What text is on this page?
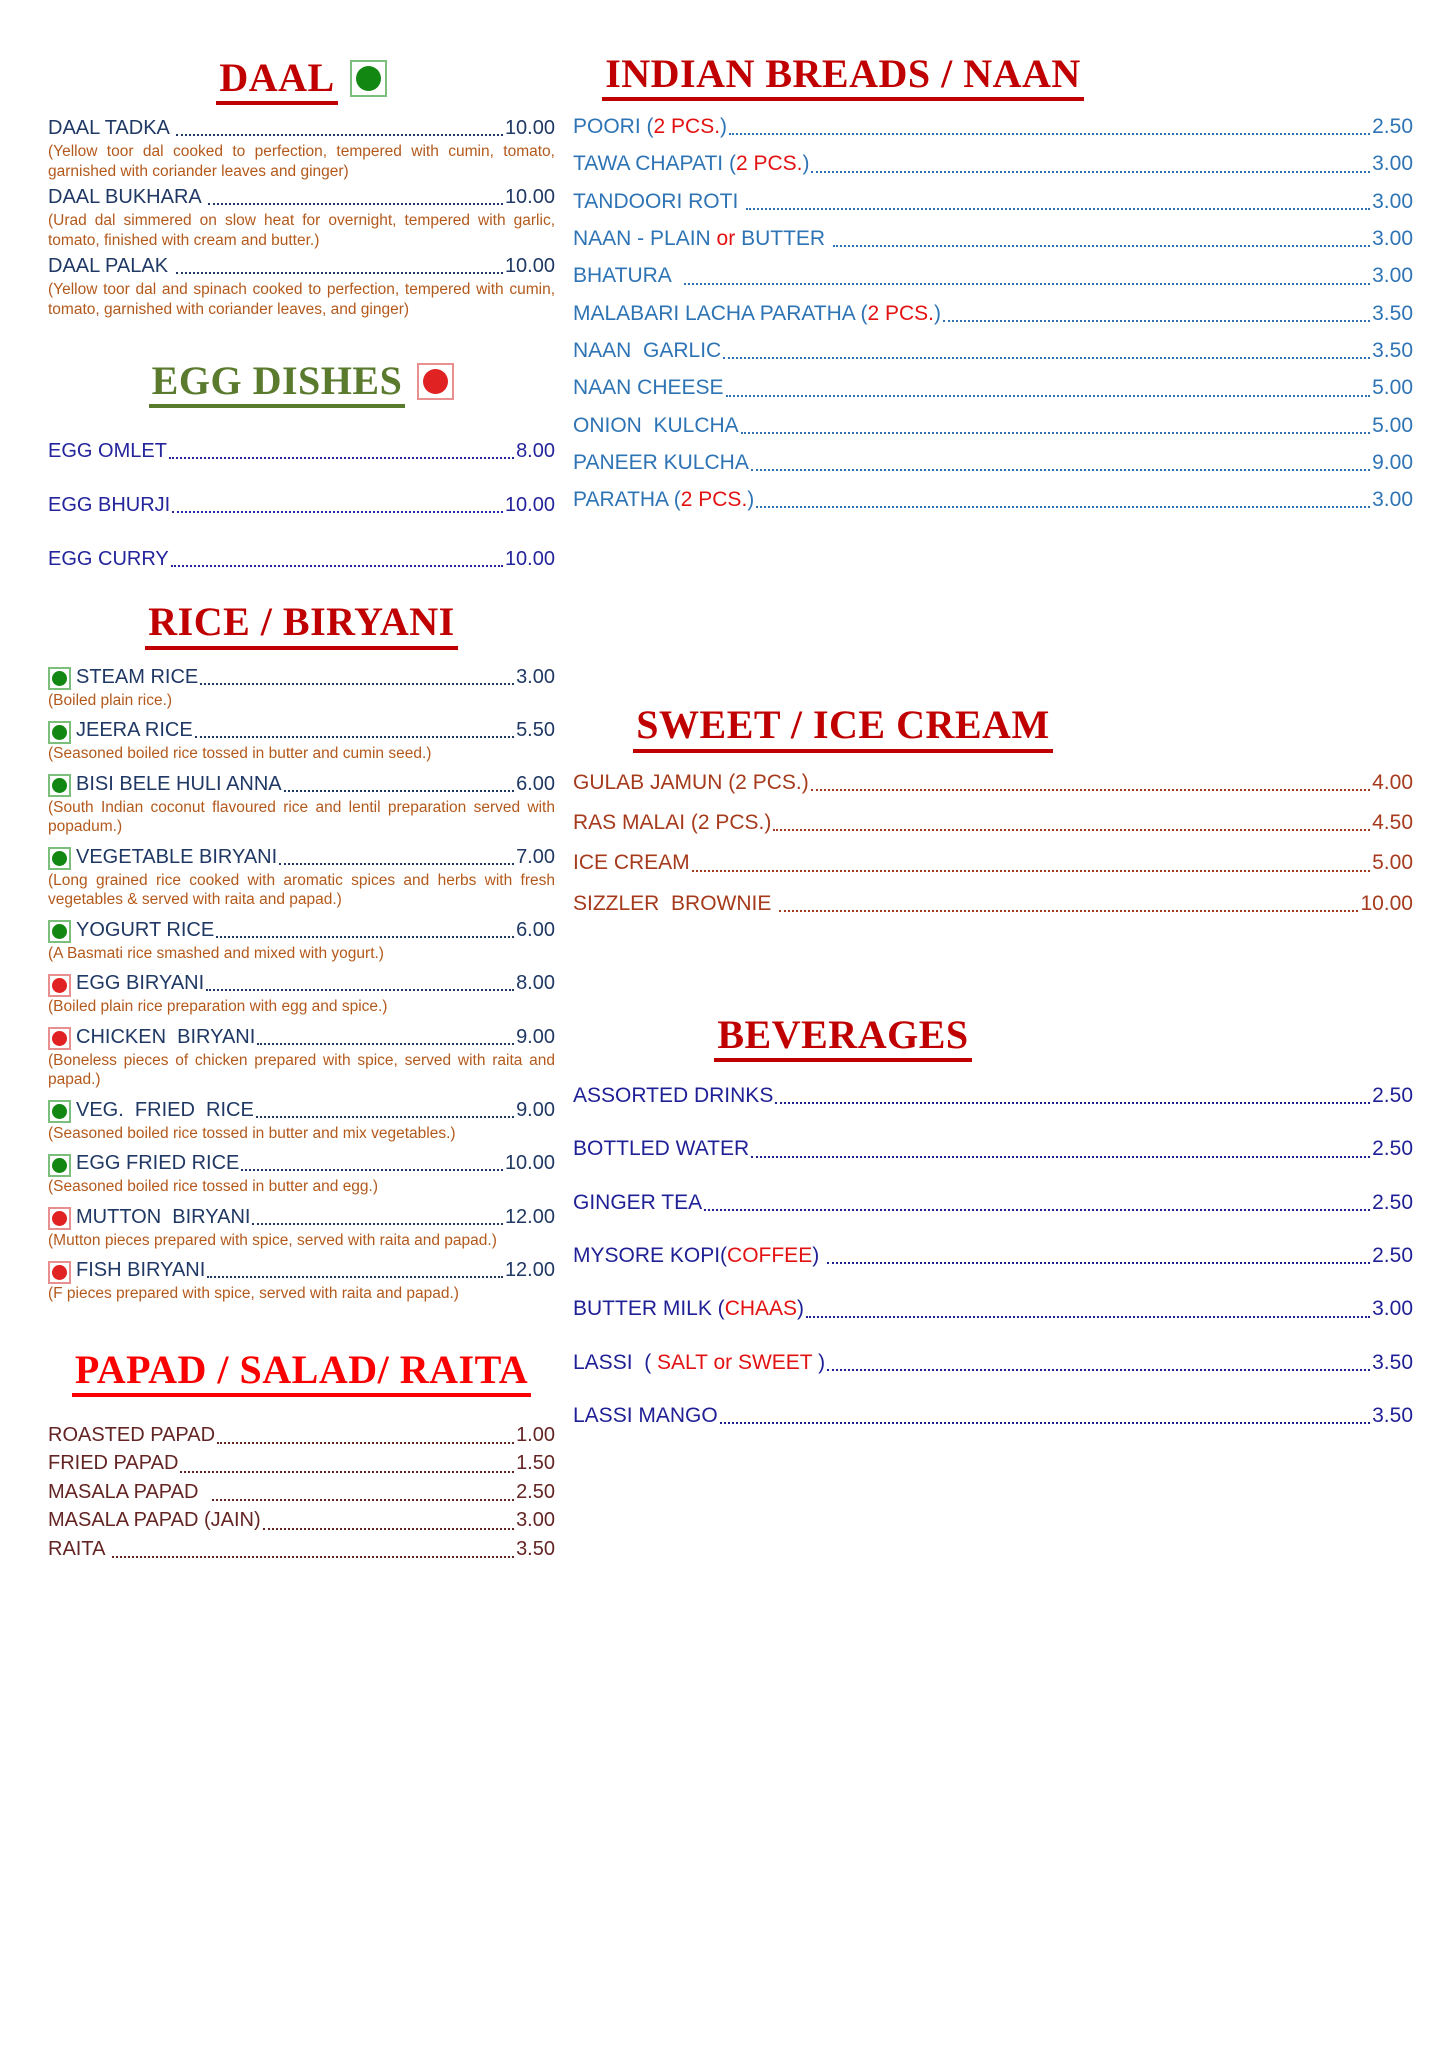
DAAL
DAAL TADKA	10.00
(Yellow toor dal cooked to perfection, tempered with cumin, tomato, garnished with coriander leaves and ginger)
DAAL BUKHARA	10.00
(Urad dal simmered on slow heat for overnight, tempered with garlic, tomato, finished with cream and butter.)
DAAL PALAK	10.00
(Yellow toor dal and spinach cooked to perfection, tempered with cumin, tomato, garnished with coriander leaves, and ginger)
EGG DISHES
EGG OMLET	8.00
EGG BHURJI	10.00
EGG CURRY	10.00
RICE / BIRYANI
STEAM RICE	3.00
(Boiled plain rice.)
JEERA RICE	5.50
(Seasoned boiled rice tossed in butter and cumin seed.)
BISI BELE HULI ANNA	6.00
(South Indian coconut flavoured rice and lentil preparation served with popadum.)
VEGETABLE BIRYANI	7.00
(Long grained rice cooked with aromatic spices and herbs with fresh vegetables & served with raita and papad.)
YOGURT RICE	6.00
(A Basmati rice smashed and mixed with yogurt.)
EGG BIRYANI	8.00
(Boiled plain rice preparation with egg and spice.)
CHICKEN  BIRYANI	9.00
(Boneless pieces of chicken prepared with spice, served with raita and papad.)
VEG.  FRIED  RICE	9.00
(Seasoned boiled rice tossed in butter and mix vegetables.)
EGG FRIED RICE	10.00
(Seasoned boiled rice tossed in butter and egg.)
MUTTON  BIRYANI	12.00
(Mutton pieces prepared with spice, served with raita and papad.)
FISH BIRYANI	12.00
(F pieces prepared with spice, served with raita and papad.)
PAPAD / SALAD/ RAITA
ROASTED PAPAD	1.00
FRIED PAPAD	1.50
MASALA PAPAD	2.50
MASALA PAPAD (JAIN)	3.00
RAITA	3.50
INDIAN BREADS / NAAN
POORI (2 PCS.)	2.50
TAWA CHAPATI (2 PCS.)	3.00
TANDOORI ROTI	3.00
NAAN - PLAIN or BUTTER	3.00
BHATURA	3.00
MALABARI LACHA PARATHA (2 PCS.)	3.50
NAAN  GARLIC	3.50
NAAN CHEESE	5.00
ONION  KULCHA	5.00
PANEER KULCHA	9.00
PARATHA (2 PCS.)	3.00
SWEET / ICE CREAM
GULAB JAMUN (2 PCS.)	4.00
RAS MALAI (2 PCS.)	4.50
ICE CREAM	5.00
SIZZLER  BROWNIE	10.00
BEVERAGES
ASSORTED DRINKS	2.50
BOTTLED WATER	2.50
GINGER TEA	2.50
MYSORE KOPI(COFFEE)	2.50
BUTTER MILK (CHAAS)	3.00
LASSI  ( SALT or SWEET )	3.50
LASSI MANGO	3.50
